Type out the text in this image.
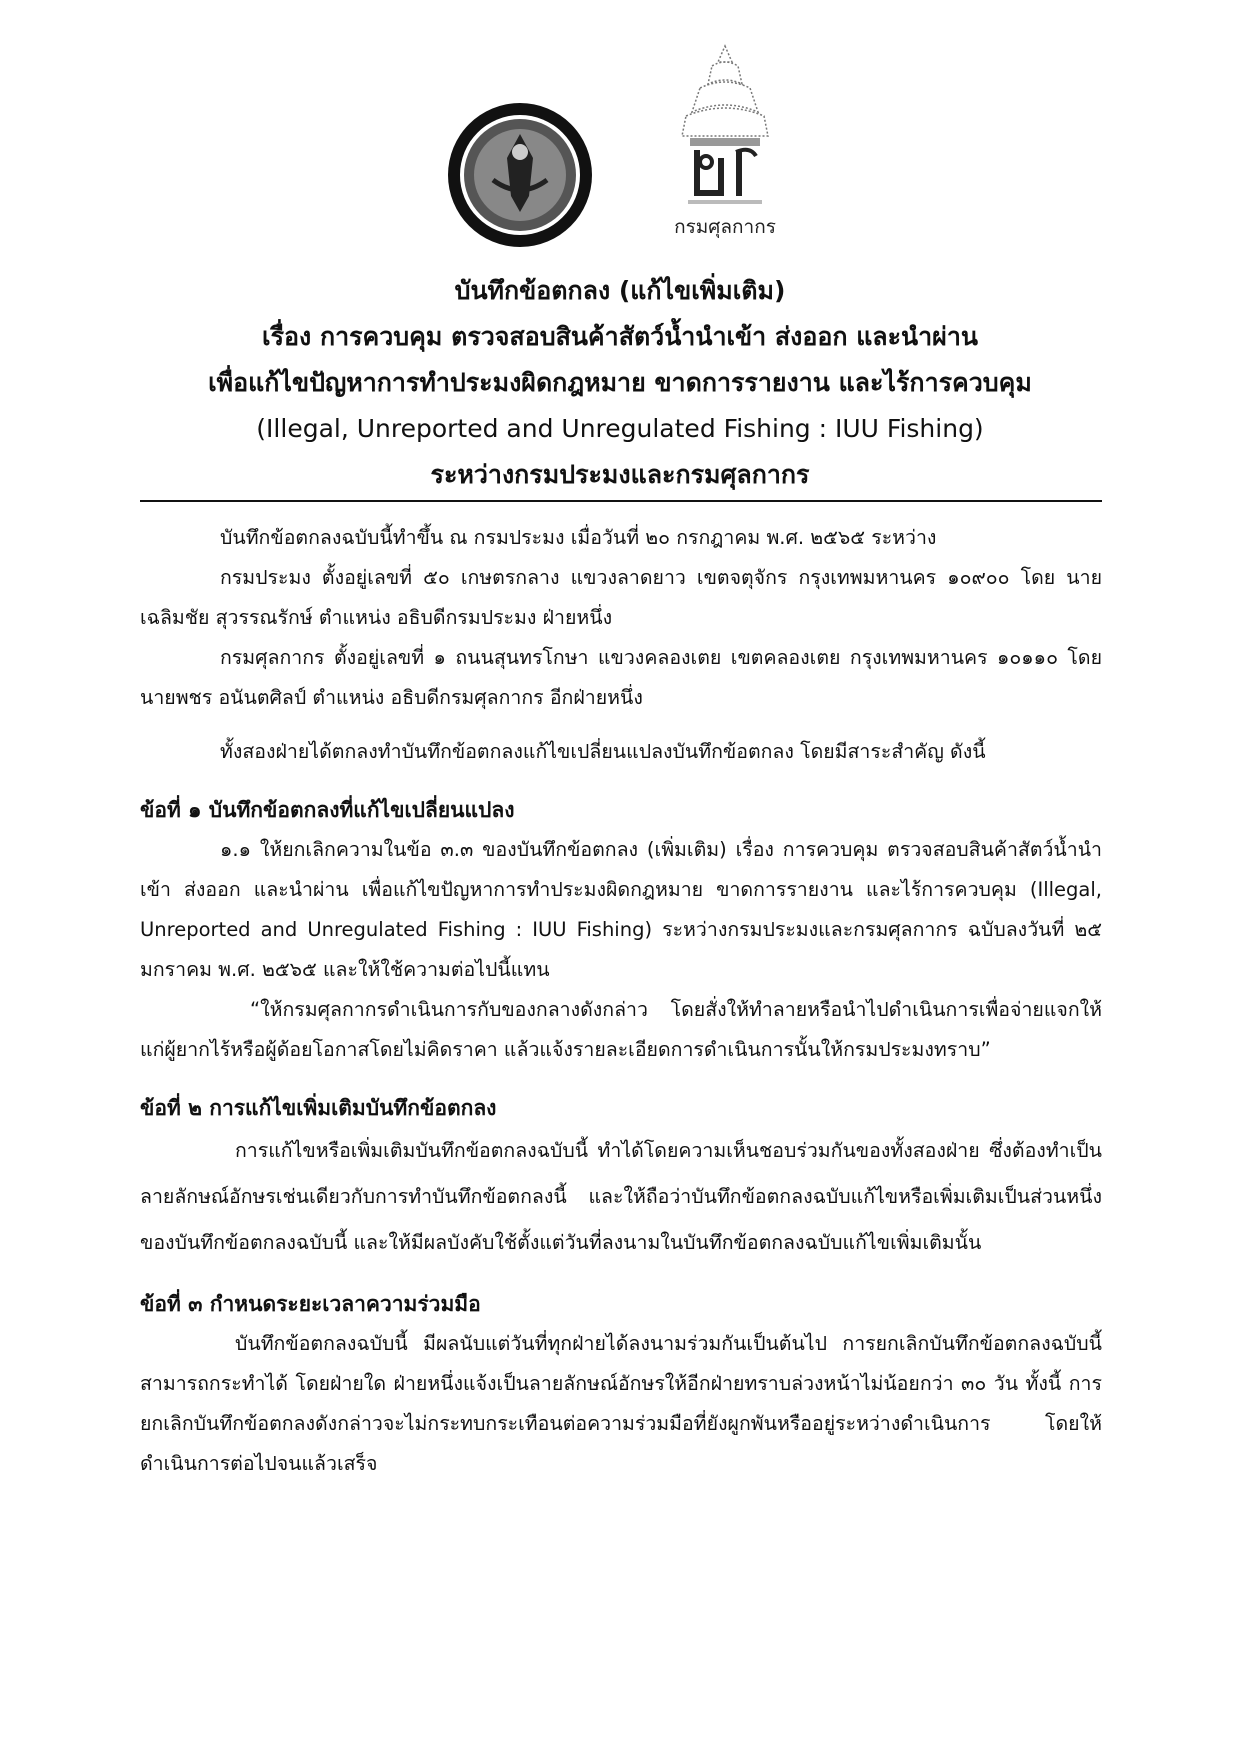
กรมศุลกากร
บันทึกข้อตกลง (แก้ไขเพิ่มเติม)
เรื่อง การควบคุม ตรวจสอบสินค้าสัตว์น้ำนำเข้า ส่งออก และนำผ่าน
เพื่อแก้ไขปัญหาการทำประมงผิดกฎหมาย ขาดการรายงาน และไร้การควบคุม
(Illegal, Unreported and Unregulated Fishing : IUU Fishing)
ระหว่างกรมประมงและกรมศุลกากร

บันทึกข้อตกลงฉบับนี้ทำขึ้น ณ กรมประมง เมื่อวันที่ ๒๐ กรกฎาคม พ.ศ. ๒๕๖๕ ระหว่าง

กรมประมง ตั้งอยู่เลขที่ ๕๐ เกษตรกลาง แขวงลาดยาว เขตจตุจักร กรุงเทพมหานคร ๑๐๙๐๐ โดย นายเฉลิมชัย สุวรรณรักษ์ ตำแหน่ง อธิบดีกรมประมง ฝ่ายหนึ่ง

กรมศุลกากร ตั้งอยู่เลขที่ ๑ ถนนสุนทรโกษา แขวงคลองเตย เขตคลองเตย กรุงเทพมหานคร ๑๐๑๑๐ โดย นายพชร อนันตศิลป์ ตำแหน่ง อธิบดีกรมศุลกากร อีกฝ่ายหนึ่ง

ทั้งสองฝ่ายได้ตกลงทำบันทึกข้อตกลงแก้ไขเปลี่ยนแปลงบันทึกข้อตกลง โดยมีสาระสำคัญ ดังนี้

ข้อที่ ๑ บันทึกข้อตกลงที่แก้ไขเปลี่ยนแปลง

๑.๑ ให้ยกเลิกความในข้อ ๓.๓ ของบันทึกข้อตกลง (เพิ่มเติม) เรื่อง การควบคุม ตรวจสอบสินค้าสัตว์น้ำนำเข้า ส่งออก และนำผ่าน เพื่อแก้ไขปัญหาการทำประมงผิดกฎหมาย ขาดการรายงาน และไร้การควบคุม (Illegal, Unreported and Unregulated Fishing : IUU Fishing) ระหว่างกรมประมงและกรมศุลกากร ฉบับลงวันที่ ๒๕ มกราคม พ.ศ. ๒๕๖๕ และให้ใช้ความต่อไปนี้แทน

“ให้กรมศุลกากรดำเนินการกับของกลางดังกล่าว โดยสั่งให้ทำลายหรือนำไปดำเนินการเพื่อจ่ายแจกให้แก่ผู้ยากไร้หรือผู้ด้อยโอกาสโดยไม่คิดราคา แล้วแจ้งรายละเอียดการดำเนินการนั้นให้กรมประมงทราบ”

ข้อที่ ๒ การแก้ไขเพิ่มเติมบันทึกข้อตกลง

การแก้ไขหรือเพิ่มเติมบันทึกข้อตกลงฉบับนี้ ทำได้โดยความเห็นชอบร่วมกันของทั้งสองฝ่าย ซึ่งต้องทำเป็นลายลักษณ์อักษรเช่นเดียวกับการทำบันทึกข้อตกลงนี้ และให้ถือว่าบันทึกข้อตกลงฉบับแก้ไขหรือเพิ่มเติมเป็นส่วนหนึ่งของบันทึกข้อตกลงฉบับนี้ และให้มีผลบังคับใช้ตั้งแต่วันที่ลงนามในบันทึกข้อตกลงฉบับแก้ไขเพิ่มเติมนั้น

ข้อที่ ๓ กำหนดระยะเวลาความร่วมมือ

บันทึกข้อตกลงฉบับนี้ มีผลนับแต่วันที่ทุกฝ่ายได้ลงนามร่วมกันเป็นต้นไป การยกเลิกบันทึกข้อตกลงฉบับนี้สามารถกระทำได้ โดยฝ่ายใด ฝ่ายหนึ่งแจ้งเป็นลายลักษณ์อักษรให้อีกฝ่ายทราบล่วงหน้าไม่น้อยกว่า ๓๐ วัน ทั้งนี้ การยกเลิกบันทึกข้อตกลงดังกล่าวจะไม่กระทบกระเทือนต่อความร่วมมือที่ยังผูกพันหรืออยู่ระหว่างดำเนินการ โดยให้ดำเนินการต่อไปจนแล้วเสร็จ
